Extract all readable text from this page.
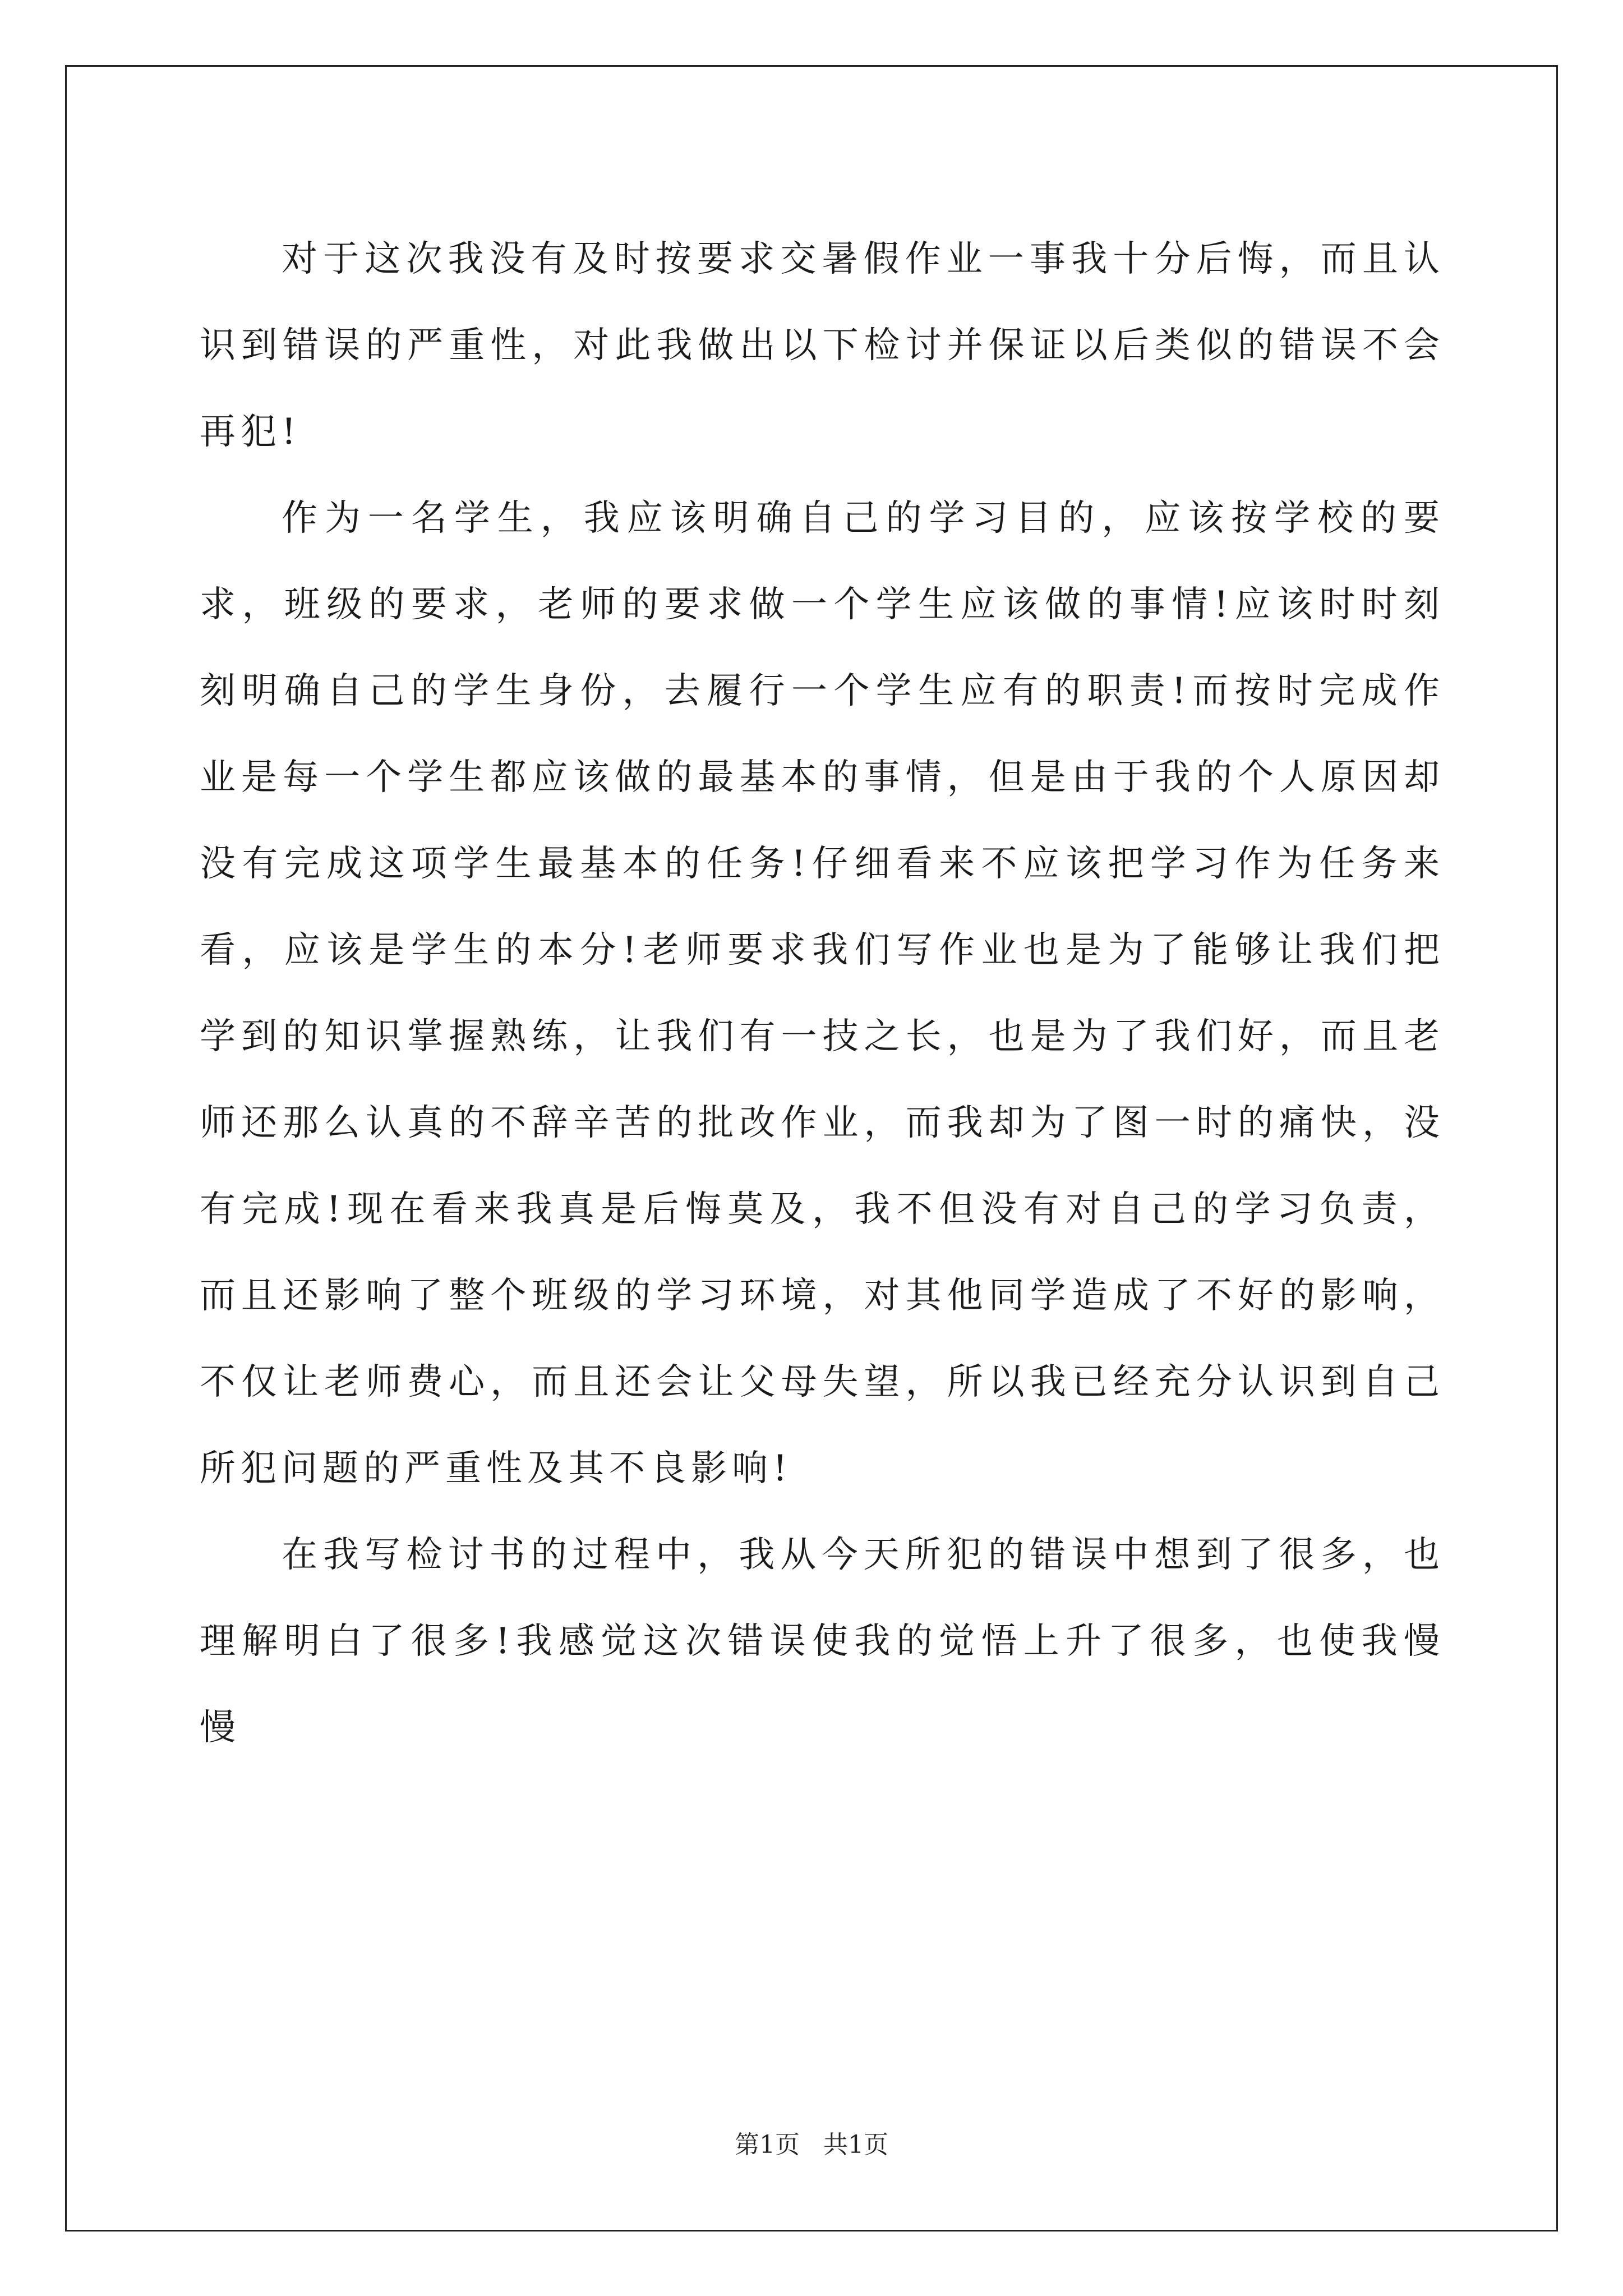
对于这次我没有及时按要求交暑假作业一事我十分后悔，而且认识到错误的严重性，对此我做出以下检讨并保证以后类似的错误不会再犯!

作为一名学生，我应该明确自己的学习目的，应该按学校的要求，班级的要求，老师的要求做一个学生应该做的事情!应该时时刻刻明确自己的学生身份，去履行一个学生应有的职责!而按时完成作业是每一个学生都应该做的最基本的事情，但是由于我的个人原因却没有完成这项学生最基本的任务!仔细看来不应该把学习作为任务来看，应该是学生的本分!老师要求我们写作业也是为了能够让我们把学到的知识掌握熟练，让我们有一技之长，也是为了我们好，而且老师还那么认真的不辞辛苦的批改作业，而我却为了图一时的痛快，没有完成!现在看来我真是后悔莫及，我不但没有对自己的学习负责，而且还影响了整个班级的学习环境，对其他同学造成了不好的影响，不仅让老师费心，而且还会让父母失望，所以我已经充分认识到自己所犯问题的严重性及其不良影响!

在我写检讨书的过程中，我从今天所犯的错误中想到了很多，也理解明白了很多!我感觉这次错误使我的觉悟上升了很多，也使我慢慢

第1页 共1页
